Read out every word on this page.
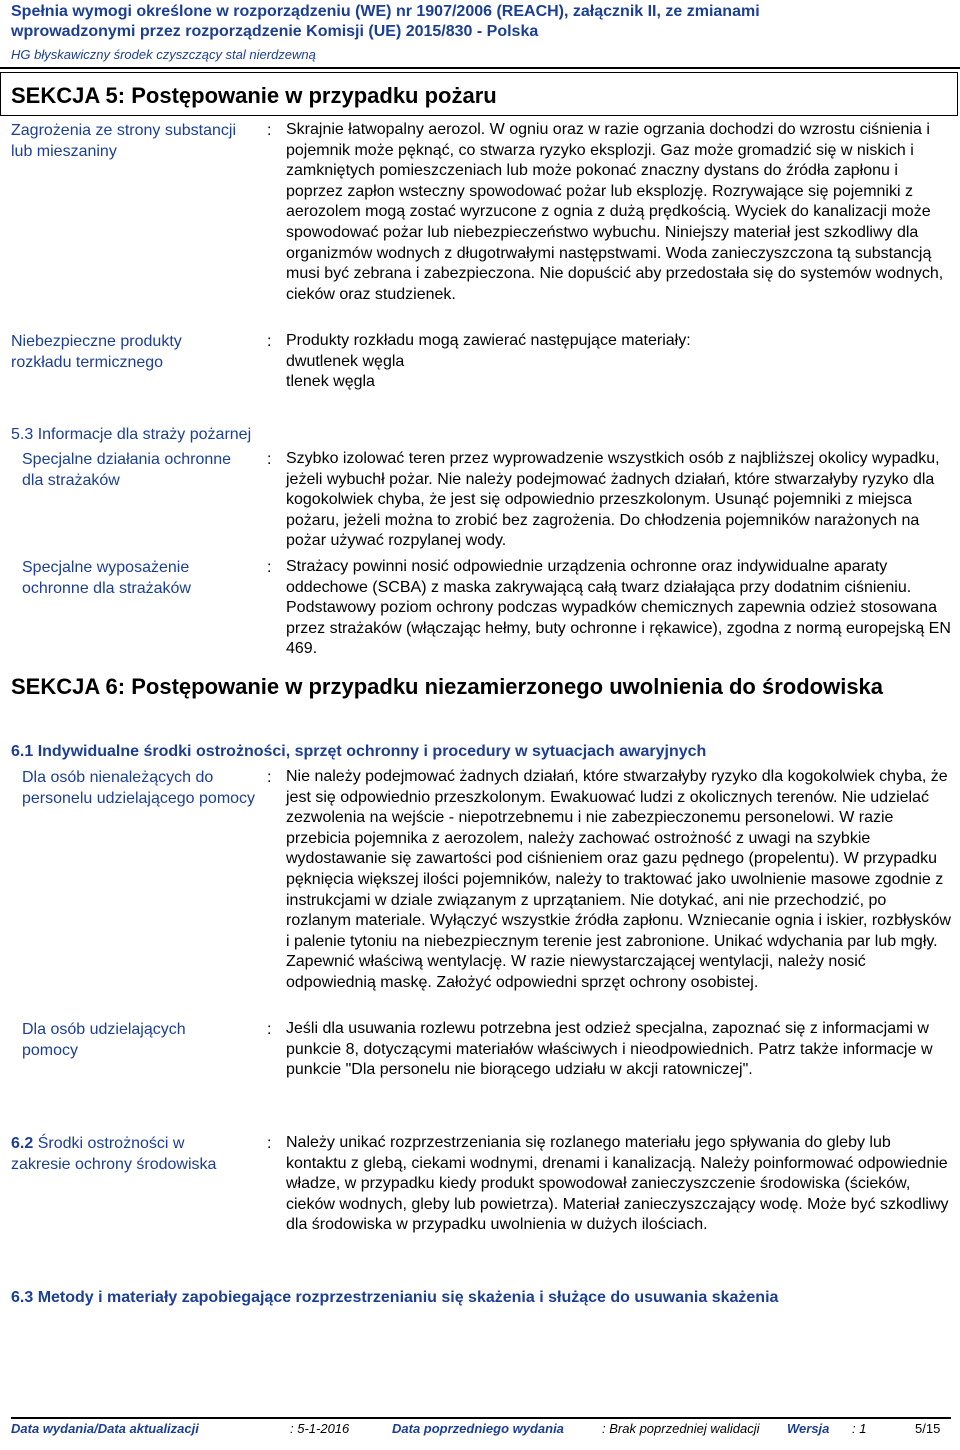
Spełnia wymogi określone w rozporządzeniu (WE) nr 1907/2006 (REACH), załącznik II, ze zmianami
wprowadzonymi przez rozporządzenie Komisji (UE) 2015/830 - Polska
HG błyskawiczny środek czyszczący stal nierdzewną
SEKCJA 5: Postępowanie w przypadku pożaru
Zagrożenia ze strony substancji lub mieszaniny
: Skrajnie łatwopalny aerozol. W ogniu oraz w razie ogrzania dochodzi do wzrostu ciśnienia i pojemnik może pęknąć, co stwarza ryzyko eksplozji. Gaz może gromadzić się w niskich i zamkniętych pomieszczeniach lub może pokonać znaczny dystans do źródła zapłonu i poprzez zapłon wsteczny spowodować pożar lub eksplozję. Rozrywające się pojemniki z aerozolem mogą zostać wyrzucone z ognia z dużą prędkością. Wyciek do kanalizacji może spowodować pożar lub niebezpieczeństwo wybuchu. Niniejszy materiał jest szkodliwy dla organizmów wodnych z długotrwałymi następstwami. Woda zanieczyszczona tą substancją musi być zebrana i zabezpieczona. Nie dopuścić aby przedostała się do systemów wodnych, cieków oraz studzienek.
Niebezpieczne produkty rozkładu termicznego
: Produkty rozkładu mogą zawierać następujące materiały:
dwutlenek węgla
tlenek węgla
5.3 Informacje dla straży pożarnej
Specjalne działania ochronne dla strażaków
: Szybko izolować teren przez wyprowadzenie wszystkich osób z najbliższej okolicy wypadku, jeżeli wybuchł pożar. Nie należy podejmować żadnych działań, które stwarzałyby ryzyko dla kogokolwiek chyba, że jest się odpowiednio przeszkolonym. Usunąć pojemniki z miejsca pożaru, jeżeli można to zrobić bez zagrożenia. Do chłodzenia pojemników narażonych na pożar używać rozpylanej wody.
Specjalne wyposażenie ochronne dla strażaków
: Strażacy powinni nosić odpowiednie urządzenia ochronne oraz indywidualne aparaty oddechowe (SCBA) z maska zakrywającą całą twarz działająca przy dodatnim ciśnieniu. Podstawowy poziom ochrony podczas wypadków chemicznych zapewnia odzież stosowana przez strażaków (włączając hełmy, buty ochronne i rękawice), zgodna z normą europejską EN 469.
SEKCJA 6: Postępowanie w przypadku niezamierzonego uwolnienia do środowiska
6.1 Indywidualne środki ostrożności, sprzęt ochronny i procedury w sytuacjach awaryjnych
Dla osób nienależących do personelu udzielającego pomocy
: Nie należy podejmować żadnych działań, które stwarzałyby ryzyko dla kogokolwiek chyba, że jest się odpowiednio przeszkolonym. Ewakuować ludzi z okolicznych terenów. Nie udzielać zezwolenia na wejście - niepotrzebnemu i nie zabezpieczonemu personelowi. W razie przebicia pojemnika z aerozolem, należy zachować ostrożność z uwagi na szybkie wydostawanie się zawartości pod ciśnieniem oraz gazu pędnego (propelentu). W przypadku pęknięcia większej ilości pojemników, należy to traktować jako uwolnienie masowe zgodnie z instrukcjami w dziale związanym z uprzątaniem. Nie dotykać, ani nie przechodzić, po rozlanym materiale. Wyłączyć wszystkie źródła zapłonu. Wzniecanie ognia i iskier, rozbłysków i palenie tytoniu na niebezpiecznym terenie jest zabronione. Unikać wdychania par lub mgły. Zapewnić właściwą wentylację. W razie niewystarczającej wentylacji, należy nosić odpowiednią maskę. Założyć odpowiedni sprzęt ochrony osobistej.
Dla osób udzielających pomocy
: Jeśli dla usuwania rozlewu potrzebna jest odzież specjalna, zapoznać się z informacjami w punkcie 8, dotyczącymi materiałów właściwych i nieodpowiednich. Patrz także informacje w punkcie "Dla personelu nie biorącego udziału w akcji ratowniczej".
6.2 Środki ostrożności w zakresie ochrony środowiska
: Należy unikać rozprzestrzeniania się rozlanego materiału jego spływania do gleby lub kontaktu z glebą, ciekami wodnymi, drenami i kanalizacją. Należy poinformować odpowiednie władze, w przypadku kiedy produkt spowodował zanieczyszczenie środowiska (ścieków, cieków wodnych, gleby lub powietrza). Materiał zanieczyszczający wodę. Może być szkodliwy dla środowiska w przypadku uwolnienia w dużych ilościach.
6.3 Metody i materiały zapobiegające rozprzestrzenianiu się skażenia i służące do usuwania skażenia
Data wydania/Data aktualizacji	: 5-1-2016	Data poprzedniego wydania	: Brak poprzedniej walidacji Wersja : 1	5/15
